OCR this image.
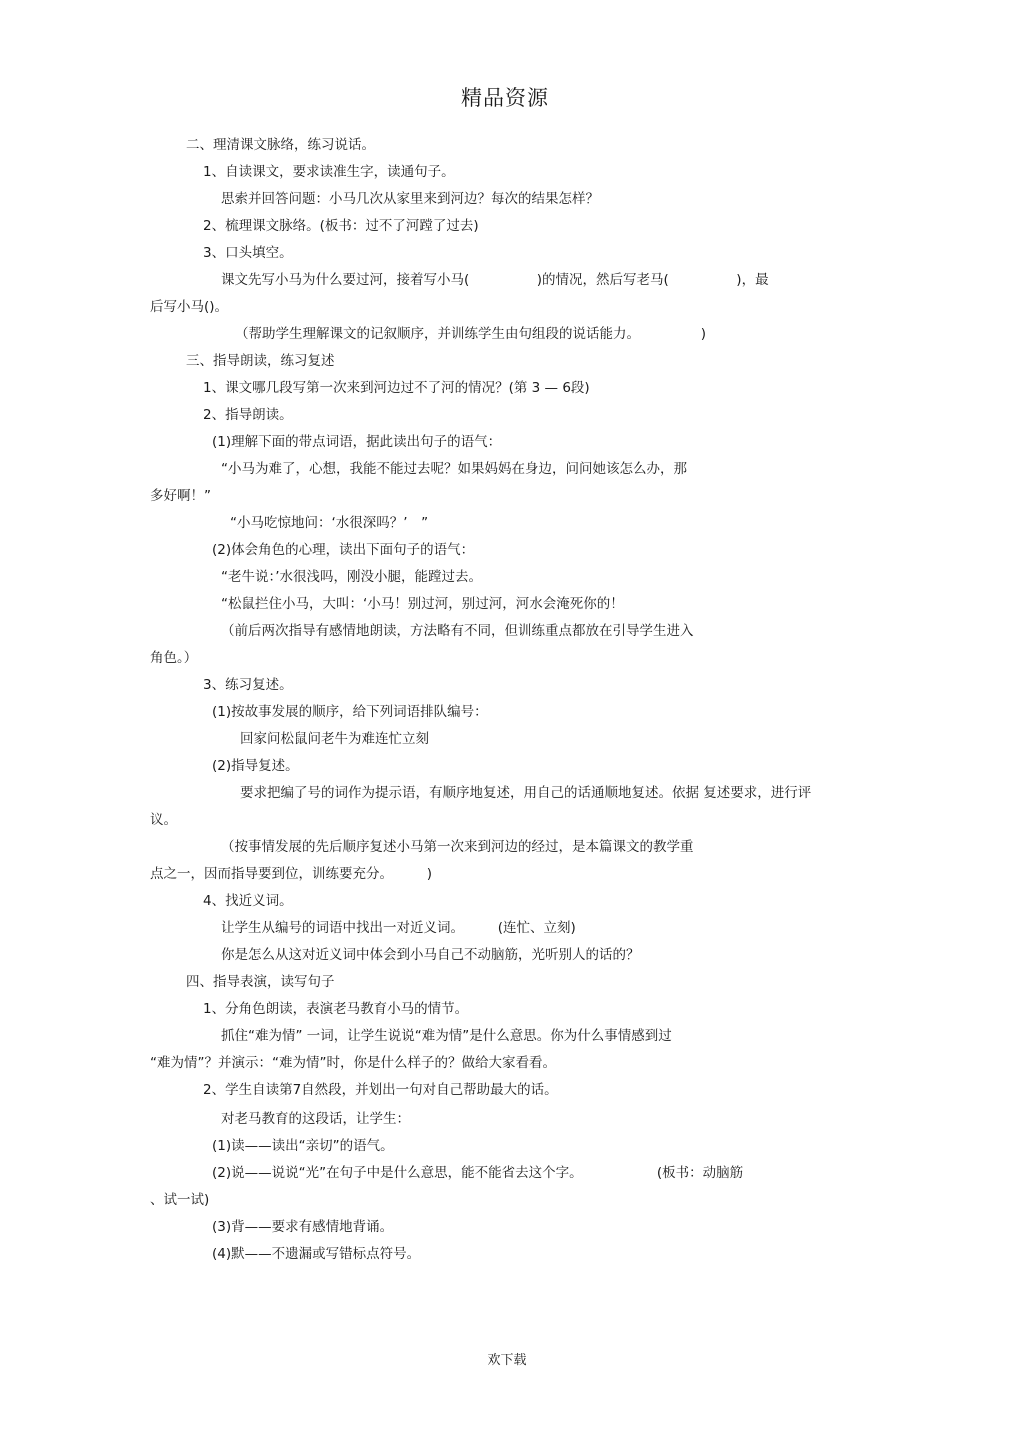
精品资源
二、理清课文脉络，练习说话。
1、自读课文，要求读准生字，读通句子。
思索并回答问题：小马几次从家里来到河边？每次的结果怎样？
2、梳理课文脉络。(板书：过不了河蹚了过去)
3、口头填空。
课文先写小马为什么要过河，接着写小马(　　　　　)的情况，然后写老马(　　　　　)，最
后写小马()。
（帮助学生理解课文的记叙顺序，并训练学生由句组段的说话能力。　　　　　)
三、指导朗读，练习复述
1、课文哪几段写第一次来到河边过不了河的情况？(第 3 — 6段)
2、指导朗读。
(1)理解下面的带点词语，据此读出句子的语气：
“小马为难了，心想，我能不能过去呢？如果妈妈在身边，问问她该怎么办，那
多好啊！”
“小马吃惊地问：‘水很深吗？’　”
(2)体会角色的心理，读出下面句子的语气：
“老牛说：’水很浅吗，刚没小腿，能蹚过去。
“松鼠拦住小马，大叫：‘小马！别过河，别过河，河水会淹死你的！
（前后两次指导有感情地朗读，方法略有不同，但训练重点都放在引导学生进入
角色。）
3、练习复述。
(1)按故事发展的顺序，给下列词语排队编号：
回家问松鼠问老牛为难连忙立刻
(2)指导复述。
要求把编了号的词作为提示语，有顺序地复述，用自己的话通顺地复述。依据 复述要求，进行评
议。
（按事情发展的先后顺序复述小马第一次来到河边的经过，是本篇课文的教学重
点之一，因而指导要到位，训练要充分。　　　)
4、找近义词。
让学生从编号的词语中找出一对近义词。　　　(连忙、立刻)
你是怎么从这对近义词中体会到小马自己不动脑筋，光听别人的话的？
四、指导表演，读写句子
1、分角色朗读，表演老马教育小马的情节。
抓住“难为情” 一词，让学生说说“难为情”是什么意思。你为什么事情感到过
“难为情”？并演示：“难为情”时，你是什么样子的？做给大家看看。
2、学生自读第7自然段，并划出一句对自己帮助最大的话。
对老马教育的这段话，让学生：
(1)读——读出“亲切”的语气。
(2)说——说说“光”在句子中是什么意思，能不能省去这个字。　　　　　　(板书：动脑筋
、试一试)
(3)背——要求有感情地背诵。
(4)默——不遗漏或写错标点符号。
欢下载
